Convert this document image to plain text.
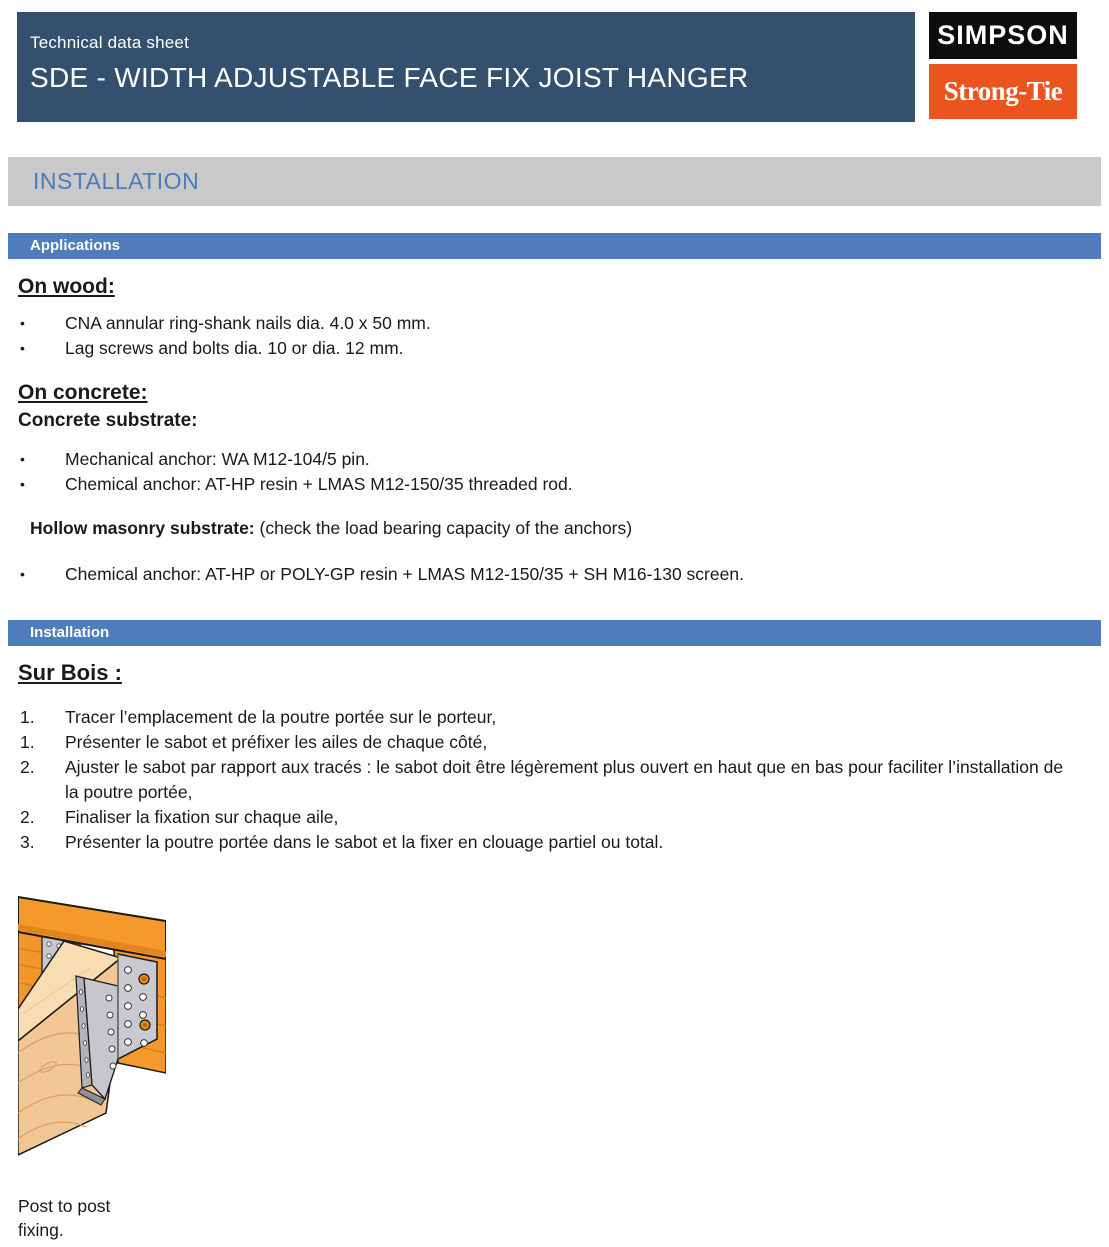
Technical data sheet
SDE - WIDTH ADJUSTABLE FACE FIX JOIST HANGER
SIMPSON
Strong-Tie
INSTALLATION
Applications
On wood:
• CNA annular ring-shank nails dia. 4.0 x 50 mm.
• Lag screws and bolts dia. 10 or dia. 12 mm.
On concrete:
Concrete substrate:
• Mechanical anchor: WA M12-104/5 pin.
• Chemical anchor: AT-HP resin + LMAS M12-150/35 threaded rod.
Hollow masonry substrate: (check the load bearing capacity of the anchors)
• Chemical anchor: AT-HP or POLY-GP resin + LMAS M12-150/35 + SH M16-130 screen.
Installation
Sur Bois :
1.	Tracer l’emplacement de la poutre portée sur le porteur,
1.	Présenter le sabot et préfixer les ailes de chaque côté,
2.	Ajuster le sabot par rapport aux tracés : le sabot doit être légèrement plus ouvert en haut que en bas pour faciliter l’installation de la poutre portée,
2.	Finaliser la fixation sur chaque aile,
3.	Présenter la poutre portée dans le sabot et la fixer en clouage partiel ou total.
Post to post fixing.
